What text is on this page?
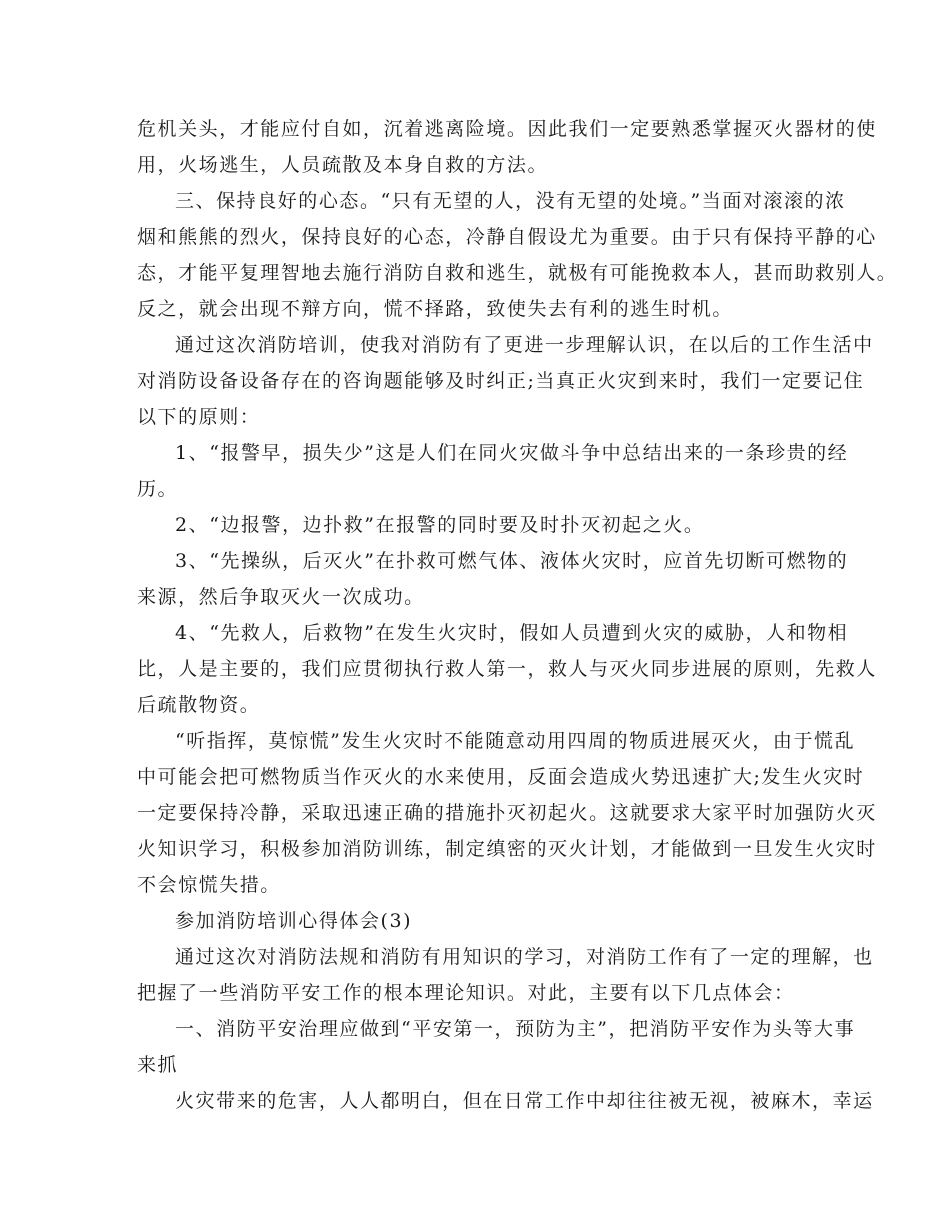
危机关头，才能应付自如，沉着逃离险境。因此我们一定要熟悉掌握灭火器材的使
用，火场逃生，人员疏散及本身自救的方法。
三、保持良好的心态。“只有无望的人，没有无望的处境。”当面对滚滚的浓
烟和熊熊的烈火，保持良好的心态，冷静自假设尤为重要。由于只有保持平静的心
态，才能平复理智地去施行消防自救和逃生，就极有可能挽救本人，甚而助救别人。
反之，就会出现不辩方向，慌不择路，致使失去有利的逃生时机。
通过这次消防培训，使我对消防有了更进一步理解认识，在以后的工作生活中
对消防设备设备存在的咨询题能够及时纠正;当真正火灾到来时，我们一定要记住
以下的原则：
1、“报警早，损失少”这是人们在同火灾做斗争中总结出来的一条珍贵的经
历。
2、“边报警，边扑救”在报警的同时要及时扑灭初起之火。
3、“先操纵，后灭火”在扑救可燃气体、液体火灾时，应首先切断可燃物的
来源，然后争取灭火一次成功。
4、“先救人，后救物”在发生火灾时，假如人员遭到火灾的威胁，人和物相
比，人是主要的，我们应贯彻执行救人第一，救人与灭火同步进展的原则，先救人
后疏散物资。
“听指挥，莫惊慌”发生火灾时不能随意动用四周的物质进展灭火，由于慌乱
中可能会把可燃物质当作灭火的水来使用，反面会造成火势迅速扩大;发生火灾时
一定要保持冷静，采取迅速正确的措施扑灭初起火。这就要求大家平时加强防火灭
火知识学习，积极参加消防训练，制定缜密的灭火计划，才能做到一旦发生火灾时
不会惊慌失措。
参加消防培训心得体会(3)
通过这次对消防法规和消防有用知识的学习，对消防工作有了一定的理解，也
把握了一些消防平安工作的根本理论知识。对此，主要有以下几点体会：
一、消防平安治理应做到“平安第一，预防为主”，把消防平安作为头等大事
来抓
火灾带来的危害，人人都明白，但在日常工作中却往往被无视，被麻木，幸运
